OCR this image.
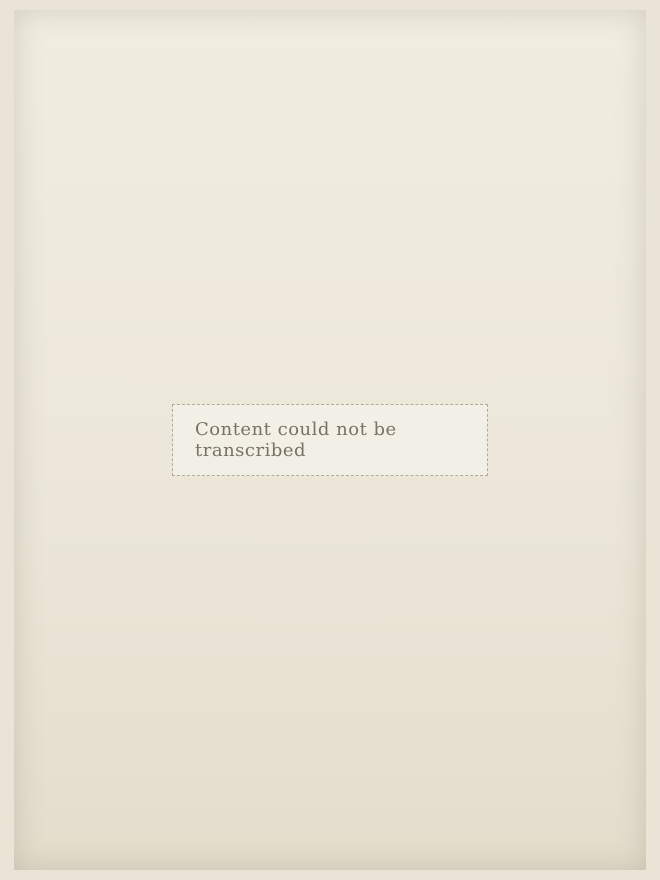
Content could not be transcribed
